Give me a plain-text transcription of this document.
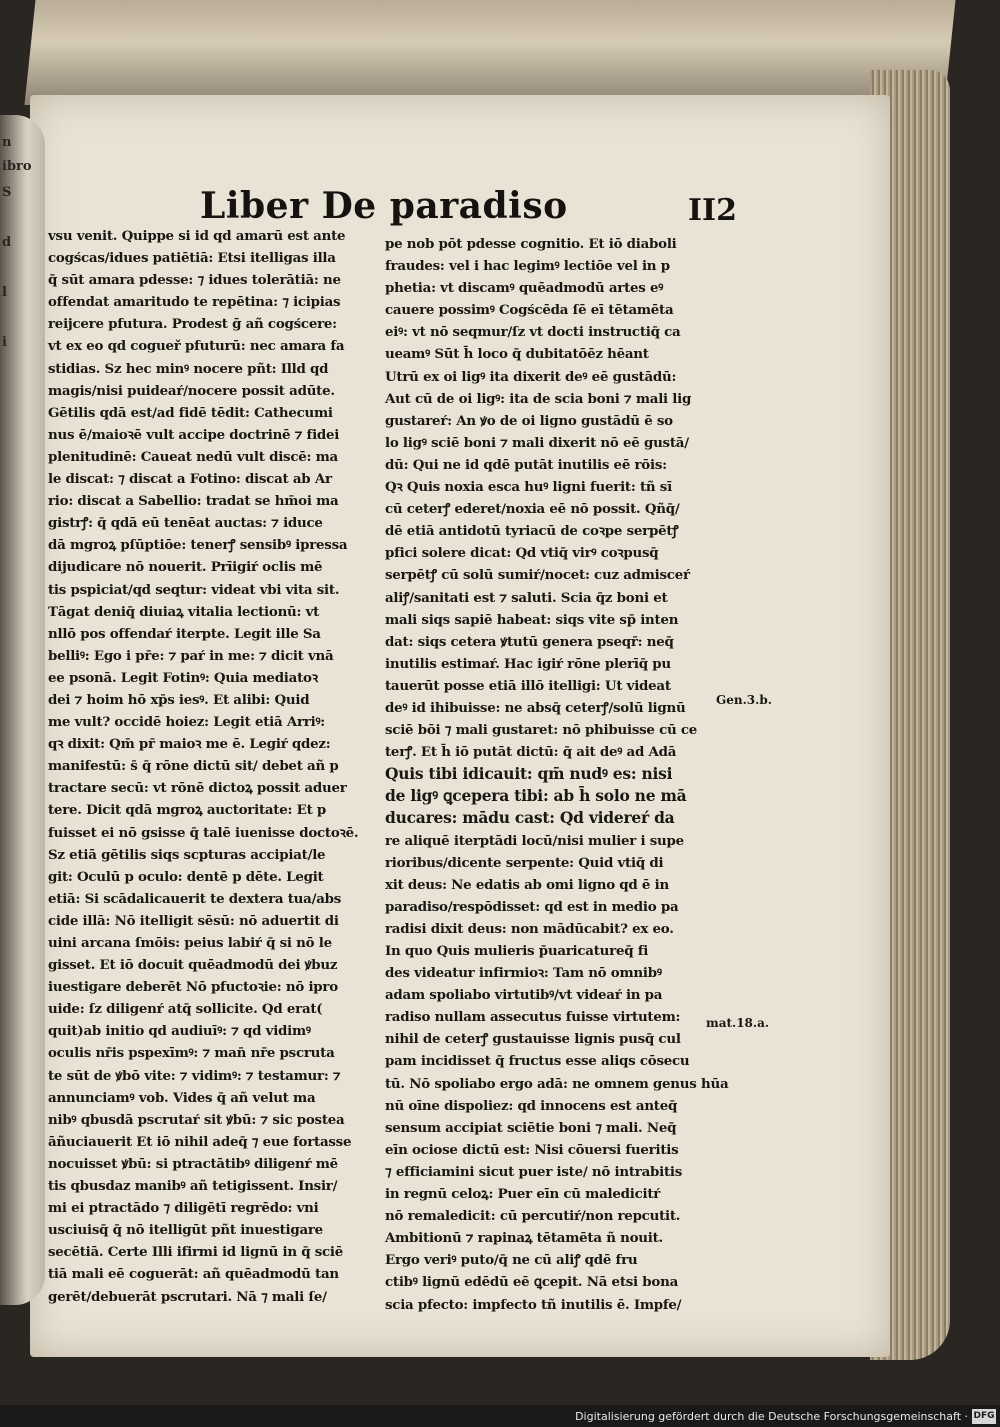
n
ibro
S
d
l
i
Liber De paradiso	II2
vsu venit. Quippe si id qd amarū est ante
cogścas/idues patiētiā: Etsi itelligas illa
q̄ sūt amara pdesse: ⁊ idues tolerātiā: ne
offendat amaritudo te repētina: ⁊ icipias
reijcere pfutura. Prodest ḡ añ cogścere:
vt ex eo qd cogueř pfuturū: nec amara fa
stidias. Sz hec minꝰ nocere pñt: Illd qd
magis/nisi puideaŕ/nocere possit adūte.
Gētilis qdā est/ad fidē tēdit: Cathecumi
nus ē/maioꝛē vult accipe doctrinē ⁊ fidei
plenitudinē: Caueat nedū vult discē: ma
le discat: ⁊ discat a Fotino: discat ab Ar
rio: discat a Sabellio: tradat se hm̄oi ma
gistrꝭ: q̄ qdā eū tenēat auctas: ⁊ iduce
dā mgroꝝ pſūptiōe: tenerꝭ sensibꝰ ipressa
dijudicare nō nouerit. Prīigiŕ oclis mē
tis pspiciat/qd seqtur: videat vbi vita sit.
Tāgat deniq̄ diuiaꝝ vitalia lectionū: vt
nllō pos offendaŕ iterpte. Legit ille Sa
belliꝰ: Ego i pr̄e: ⁊ paŕ in me: ⁊ dicit vnā
ee psonā. Legit Fotinꝰ: Quia mediatoꝛ
dei ⁊ hoim hō xp̄s iesꝰ. Et alibi: Quid
me vult? occidē hoiez: Legit etiā Arriꝰ:
qꝛ dixit: Qm̄ pr̄ maioꝛ me ē. Legiŕ qdez:
manifestū: s̄ q̄ rōne dictū sit/ debet añ p
tractare secū: vt rōnē dictoꝝ possit aduer
tere. Dicit qdā mgroꝝ auctoritate: Et p
fuisset ei nō gsisse q̄ talē iuenisse doctoꝛē.
Sz etiā gētilis siqs scpturas accipiat/le
git: Oculū p oculo: dentē p dēte. Legit
etiā: Si scādalicauerit te dextera tua/abs
cide illā: Nō itelligit sēsū: nō aduertit di
uini arcana ſmōis: peius labiŕ q̄ si nō le
gisset. Et iō docuit quēadmodū dei ꝟbuz
iuestigare deberēt Nō pfuctoꝛie: nō ipro
uide: ſz diligenŕ atq̄ sollicite. Qd erat(
quit)ab initio qd audiuīꝰ: ⁊ qd vidimꝰ
oculis nr̄is pspexīmꝰ: ⁊ man̄ nr̄e pscruta
te sūt de ꝟbō vite: ⁊ vidimꝰ: ⁊ testamur: ⁊
annunciamꝰ vob. Vides q̄ añ velut ma
nibꝰ qbusdā pscrutaŕ sit ꝟbū: ⁊ sic postea
āñuciauerit Et iō nihil adeq̄ ⁊ eue fortasse
nocuisset ꝟbū: si ptractātibꝰ diligenŕ mē
tis qbusdaz manibꝰ añ tetigissent. Insir/
mi ei ptractādo ⁊ diligētī regrēdo: vni
usciuisq̄ q̄ nō itelligūt pñt inuestigare
secētiā. Certe Illi ifirmi id lignū in q̄ sciē
tiā mali eē coguerāt: añ quēadmodū tan
gerēt/debuerāt pscrutari. Nā ⁊ mali ſe/
pe nob pōt pdesse cognitio. Et iō diaboli
fraudes: vel i hac legimꝰ lectiōe vel in p
phetia: vt discamꝰ quēadmodū artes eꝰ
cauere possimꝰ Cogścēda ſē eī tētamēta
eiꝰ: vt nō seqmur/ſz vt docti instructiq̄ ca
ueamꝰ Sūt h̄ loco q̄ dubitatōēz hēant
Utrū ex oi ligꝰ ita dixerit deꝰ eē gustādū:
Aut cū de oi ligꝰ: ita de scia boni ⁊ mali lig
gustareŕ: An ꝟo de oi ligno gustādū ē so
lo ligꝰ sciē boni ⁊ mali dixerit nō eē gustā/
dū: Qui ne id qdē putāt inutilis eē rōis:
Qꝛ Quis noxia esca huꝰ ligni fuerit: tñ sī
cū ceterꝭ ederet/noxia eē nō possit. Qñq̄/
dē etiā antidotū tyriacū de coꝛpe serpētꝭ
pfici solere dicat: Qd vtiq̄ virꝰ coꝛpusq̄
serpētꝭ cū solū sumiŕ/nocet: cuz admisceŕ
aliꝭ/sanitati est ⁊ saluti. Scia q̄z boni et
mali siqs sapiē habeat: siqs vite sp̄ inten
dat: siqs cetera ꝟtutū genera pseqr̄: neq̄
inutilis estimaŕ. Hac igiŕ rōne plerīq̄ pu
tauerūt posse etiā illō itelligi: Ut videat
deꝰ id ihibuisse: ne absq̄ ceterꝭ/solū lignū
sciē bōi ⁊ mali gustaret: nō phibuisse cū ce
terꝭ. Et h̄ iō putāt dictū: q̄ ait deꝰ ad Adā
Quis tibi idicauit: qm̄ nudꝰ es: nisi
de ligꝰ ꝗcepera tibi: ab h̄ solo ne mā
ducares: mādu cast: Qd videreŕ da
re aliquē iterptādi locū/nisi mulier i supe
rioribus/dicente serpente: Quid vtiq̄ di
xit deus: Ne edatis ab omi ligno qd ē in
paradiso/respōdisset: qd est in medio pa
radisi dixit deus: non mādūcabit? ex eo.
In quo Quis mulieris p̄uaricatureq̄ fi
des videatur infirmioꝛ: Tam nō omnibꝰ
adam spoliabo virtutibꝰ/vt videaŕ in pa
radiso nullam assecutus fuisse virtutem:
nihil de ceterꝭ gustauisse lignis pusq̄ cul
pam incidisset q̄ fructus esse aliqs cōsecu
tū. Nō spoliabo ergo adā: ne omnem genus hūa
nū oīne dispoliez: qd innocens est anteq̄
sensum accipiat sciētie boni ⁊ mali. Neq̄
eīn ociose dictū est: Nisi cōuersi fueritis
⁊ efficiamini sicut puer iste/ nō intrabitis
in regnū celoꝝ: Puer eīn cū maledicitŕ
nō remaledicit: cū percutiŕ/non repcutit.
Ambitionū ⁊ rapinaꝝ tētamēta ñ nouit.
Ergo veriꝰ puto/q̄ ne cū aliꝭ qdē fru
ctibꝰ lignū edēdū eē ꝗcepit. Nā etsi bona
scia pfecto: impfecto tñ inutilis ē. Impfe/
Gen.3.b.
mat.18.a.
Digitalisierung gefördert durch die Deutsche Forschungsgemeinschaft · DFG
